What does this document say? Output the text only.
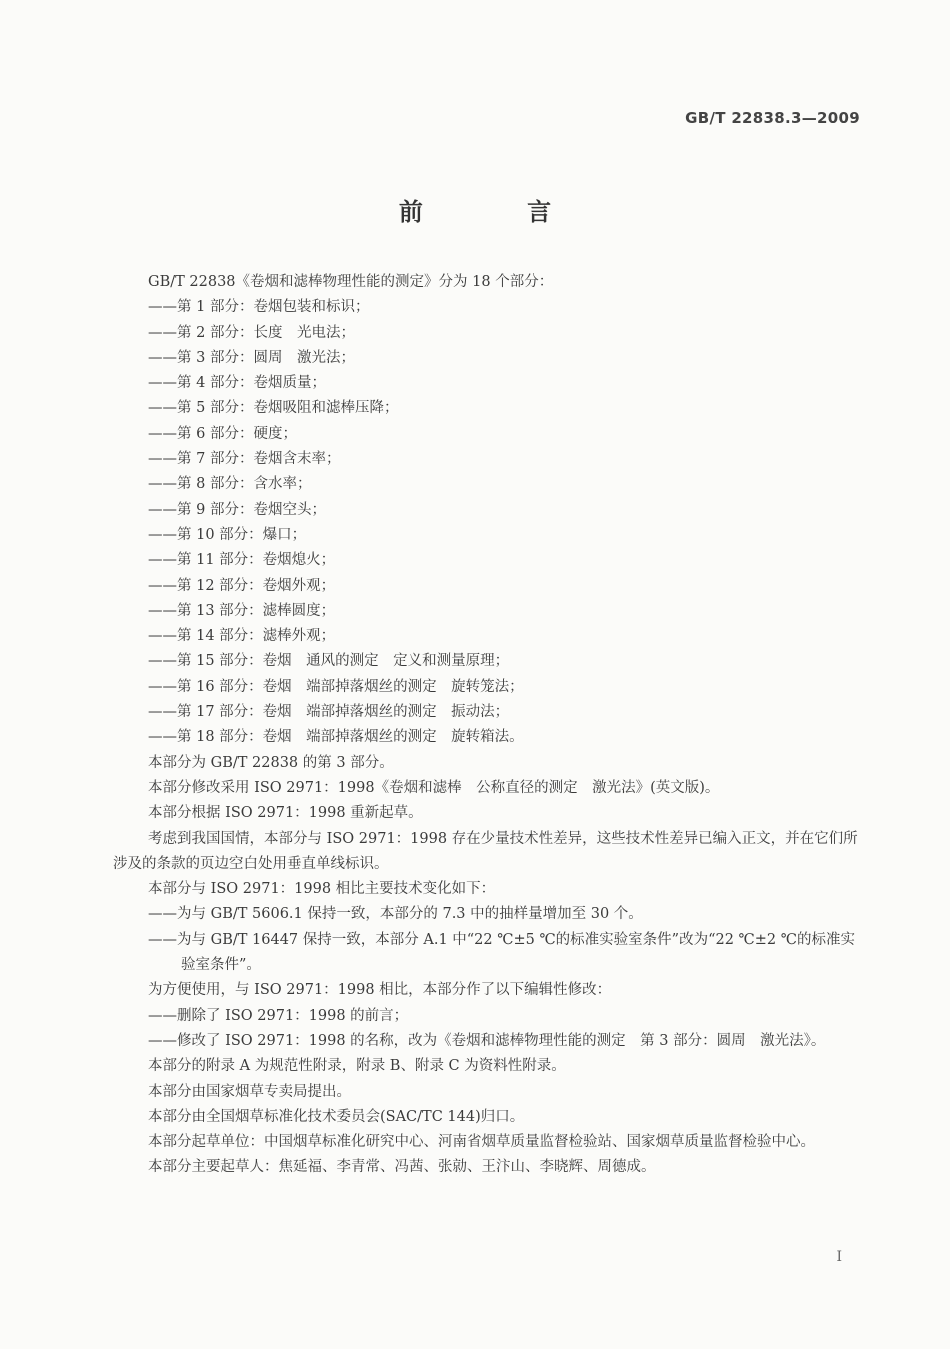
GB/T 22838.3—2009
前 言

GB/T 22838《卷烟和滤棒物理性能的测定》分为 18 个部分：

——第 1 部分：卷烟包装和标识；

——第 2 部分：长度　光电法；

——第 3 部分：圆周　激光法；

——第 4 部分：卷烟质量；

——第 5 部分：卷烟吸阻和滤棒压降；

——第 6 部分：硬度；

——第 7 部分：卷烟含末率；

——第 8 部分：含水率；

——第 9 部分：卷烟空头；

——第 10 部分：爆口；

——第 11 部分：卷烟熄火；

——第 12 部分：卷烟外观；

——第 13 部分：滤棒圆度；

——第 14 部分：滤棒外观；

——第 15 部分：卷烟　通风的测定　定义和测量原理；

——第 16 部分：卷烟　端部掉落烟丝的测定　旋转笼法；

——第 17 部分：卷烟　端部掉落烟丝的测定　振动法；

——第 18 部分：卷烟　端部掉落烟丝的测定　旋转箱法。

本部分为 GB/T 22838 的第 3 部分。

本部分修改采用 ISO 2971：1998《卷烟和滤棒　公称直径的测定　激光法》(英文版)。

本部分根据 ISO 2971：1998 重新起草。

考虑到我国国情，本部分与 ISO 2971：1998 存在少量技术性差异，这些技术性差异已编入正文，并在它们所涉及的条款的页边空白处用垂直单线标识。

本部分与 ISO 2971：1998 相比主要技术变化如下：

——为与 GB/T 5606.1 保持一致，本部分的 7.3 中的抽样量增加至 30 个。

——为与 GB/T 16447 保持一致，本部分 A.1 中“22 ℃±5 ℃的标准实验室条件”改为“22 ℃±2 ℃的标准实验室条件”。

为方便使用，与 ISO 2971：1998 相比，本部分作了以下编辑性修改：

——删除了 ISO 2971：1998 的前言；

——修改了 ISO 2971：1998 的名称，改为《卷烟和滤棒物理性能的测定　第 3 部分：圆周　激光法》。

本部分的附录 A 为规范性附录，附录 B、附录 C 为资料性附录。

本部分由国家烟草专卖局提出。

本部分由全国烟草标准化技术委员会(SAC/TC 144)归口。

本部分起草单位：中国烟草标准化研究中心、河南省烟草质量监督检验站、国家烟草质量监督检验中心。

本部分主要起草人：焦延福、李青常、冯茜、张勍、王汴山、李晓辉、周德成。

I
